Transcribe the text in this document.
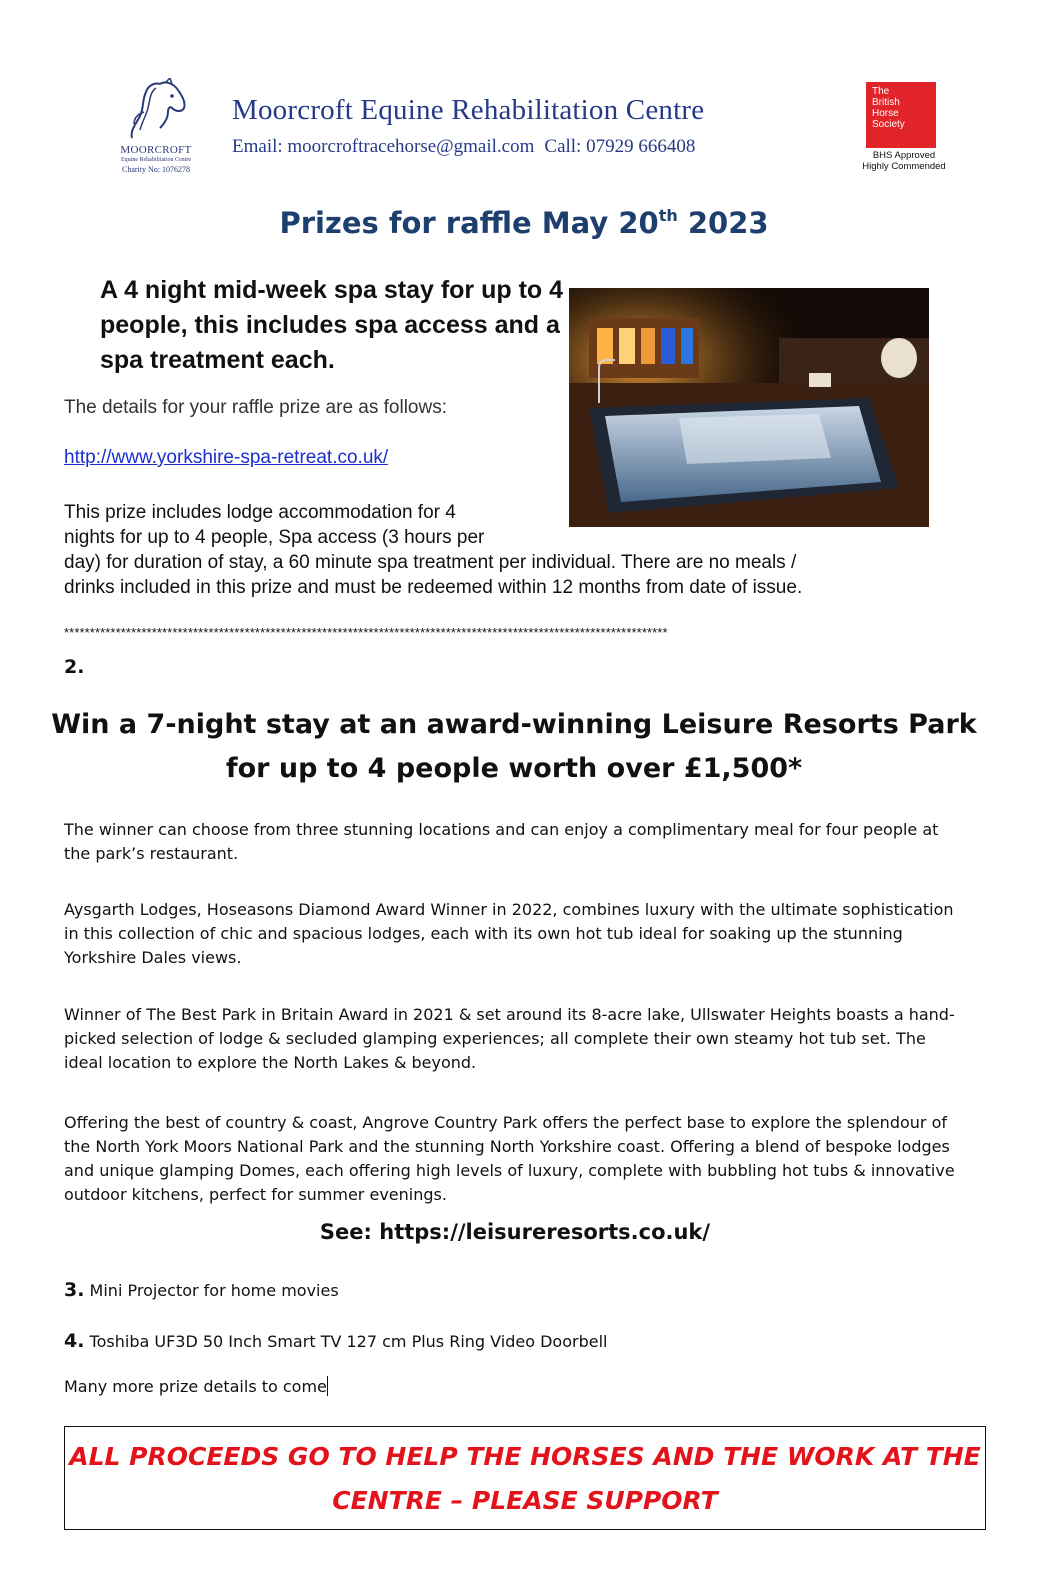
MOORCROFT
Equine Rehabilitation Centre
Charity No: 1076278
Moorcroft Equine Rehabilitation Centre
Email: moorcroftracehorse@gmail.com Call: 07929 666408
The
British
Horse
Society
BHS Approved
Highly Commended
Prizes for raffle May 20th 2023
A 4 night mid-week spa stay for up to 4 people, this includes spa access and a spa treatment each.
The details for your raffle prize are as follows:
http://www.yorkshire-spa-retreat.co.uk/
This prize includes lodge accommodation for 4
nights for up to 4 people, Spa access (3 hours per
day) for duration of stay, a 60 minute spa treatment per individual. There are no meals /
drinks included in this prize and must be redeemed within 12 months from date of issue.
*********************************************************************************************************************
2.
Win a 7-night stay at an award-winning Leisure Resorts Park
for up to 4 people worth over £1,500*
The winner can choose from three stunning locations and can enjoy a complimentary meal for four people at the park’s restaurant.
Aysgarth Lodges, Hoseasons Diamond Award Winner in 2022, combines luxury with the ultimate sophistication in this collection of chic and spacious lodges, each with its own hot tub ideal for soaking up the stunning Yorkshire Dales views.
Winner of The Best Park in Britain Award in 2021 & set around its 8-acre lake, Ullswater Heights boasts a hand-picked selection of lodge & secluded glamping experiences; all complete their own steamy hot tub set. The ideal location to explore the North Lakes & beyond.
Offering the best of country & coast, Angrove Country Park offers the perfect base to explore the splendour of the North York Moors National Park and the stunning North Yorkshire coast. Offering a blend of bespoke lodges and unique glamping Domes, each offering high levels of luxury, complete with bubbling hot tubs & innovative outdoor kitchens, perfect for summer evenings.
See: https://leisureresorts.co.uk/
3. Mini Projector for home movies
4. Toshiba UF3D 50 Inch Smart TV 127 cm Plus Ring Video Doorbell
Many more prize details to come
ALL PROCEEDS GO TO HELP THE HORSES AND THE WORK AT THE
CENTRE – PLEASE SUPPORT
